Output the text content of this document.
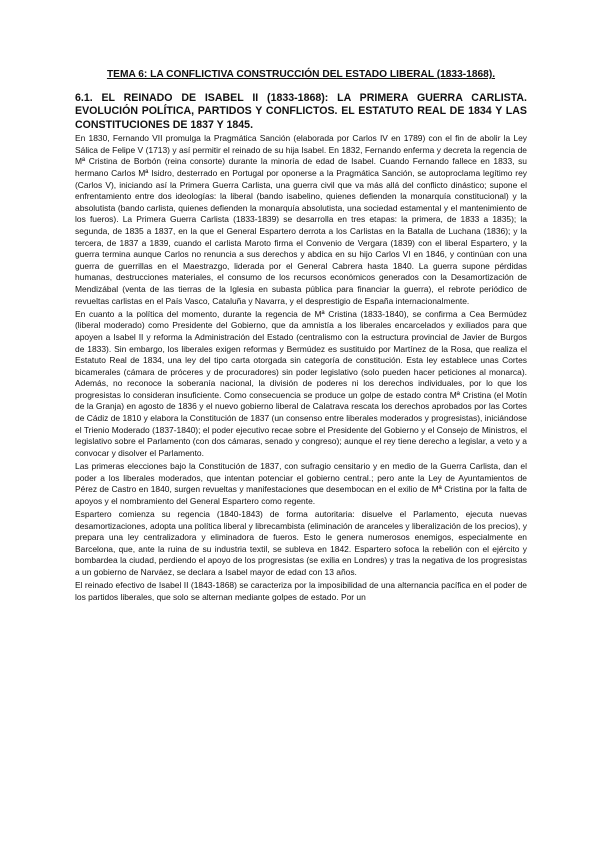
TEMA 6: LA CONFLICTIVA CONSTRUCCIÓN DEL ESTADO LIBERAL (1833-1868).
6.1. EL REINADO DE ISABEL II (1833-1868): LA PRIMERA GUERRA CARLISTA. EVOLUCIÓN POLÍTICA, PARTIDOS Y CONFLICTOS. EL ESTATUTO REAL DE 1834 Y LAS CONSTITUCIONES DE 1837 Y 1845.

En 1830, Fernando VII promulga la Pragmática Sanción (elaborada por Carlos IV en 1789) con el fin de abolir la Ley Sálica de Felipe V (1713) y así permitir el reinado de su hija Isabel. En 1832, Fernando enferma y decreta la regencia de Mª Cristina de Borbón (reina consorte) durante la minoría de edad de Isabel. Cuando Fernando fallece en 1833, su hermano Carlos Mª Isidro, desterrado en Portugal por oponerse a la Pragmática Sanción, se autoproclama legítimo rey (Carlos V), iniciando así la Primera Guerra Carlista, una guerra civil que va más allá del conflicto dinástico; supone el enfrentamiento entre dos ideologías: la liberal (bando isabelino, quienes defienden la monarquía constitucional) y la absolutista (bando carlista, quienes defienden la monarquía absolutista, una sociedad estamental y el mantenimiento de los fueros). La Primera Guerra Carlista (1833-1839) se desarrolla en tres etapas: la primera, de 1833 a 1835); la segunda, de 1835 a 1837, en la que el General Espartero derrota a los Carlistas en la Batalla de Luchana (1836); y la tercera, de 1837 a 1839, cuando el carlista Maroto firma el Convenio de Vergara (1839) con el liberal Espartero, y la guerra termina aunque Carlos no renuncia a sus derechos y abdica en su hijo Carlos VI en 1846, y continúan con una guerra de guerrillas en el Maestrazgo, liderada por el General Cabrera hasta 1840. La guerra supone pérdidas humanas, destrucciones materiales, el consumo de los recursos económicos generados con la Desamortización de Mendizábal (venta de las tierras de la Iglesia en subasta pública para financiar la guerra), el rebrote periódico de revueltas carlistas en el País Vasco, Cataluña y Navarra, y el desprestigio de España internacionalmente.

En cuanto a la política del momento, durante la regencia de Mª Cristina (1833-1840), se confirma a Cea Bermúdez (liberal moderado) como Presidente del Gobierno, que da amnistía a los liberales encarcelados y exiliados para que apoyen a Isabel II y reforma la Administración del Estado (centralismo con la estructura provincial de Javier de Burgos de 1833). Sin embargo, los liberales exigen reformas y Bermúdez es sustituido por Martínez de la Rosa, que realiza el Estatuto Real de 1834, una ley del tipo carta otorgada sin categoría de constitución. Esta ley establece unas Cortes bicamerales (cámara de próceres y de procuradores) sin poder legislativo (solo pueden hacer peticiones al monarca). Además, no reconoce la soberanía nacional, la división de poderes ni los derechos individuales, por lo que los progresistas lo consideran insuficiente. Como consecuencia se produce un golpe de estado contra Mª Cristina (el Motín de la Granja) en agosto de 1836 y el nuevo gobierno liberal de Calatrava rescata los derechos aprobados por las Cortes de Cádiz de 1810 y elabora la Constitución de 1837 (un consenso entre liberales moderados y progresistas), iniciándose el Trienio Moderado (1837-1840); el poder ejecutivo recae sobre el Presidente del Gobierno y el Consejo de Ministros, el legislativo sobre el Parlamento (con dos cámaras, senado y congreso); aunque el rey tiene derecho a legislar, a veto y a convocar y disolver el Parlamento.

Las primeras elecciones bajo la Constitución de 1837, con sufragio censitario y en medio de la Guerra Carlista, dan el poder a los liberales moderados, que intentan potenciar el gobierno central.; pero ante la Ley de Ayuntamientos de Pérez de Castro en 1840, surgen revueltas y manifestaciones que desembocan en el exilio de Mª Cristina por la falta de apoyos y el nombramiento del General Espartero como regente.

Espartero comienza su regencia (1840-1843) de forma autoritaria: disuelve el Parlamento, ejecuta nuevas desamortizaciones, adopta una política liberal y librecambista (eliminación de aranceles y liberalización de los precios), y prepara una ley centralizadora y eliminadora de fueros. Esto le genera numerosos enemigos, especialmente en Barcelona, que, ante la ruina de su industria textil, se subleva en 1842. Espartero sofoca la rebelión con el ejército y bombardea la ciudad, perdiendo el apoyo de los progresistas (se exilia en Londres) y tras la negativa de los progresistas a un gobierno de Narváez, se declara a Isabel mayor de edad con 13 años.

El reinado efectivo de Isabel II (1843-1868) se caracteriza por la imposibilidad de una alternancia pacífica en el poder de los partidos liberales, que solo se alternan mediante golpes de estado. Por un
